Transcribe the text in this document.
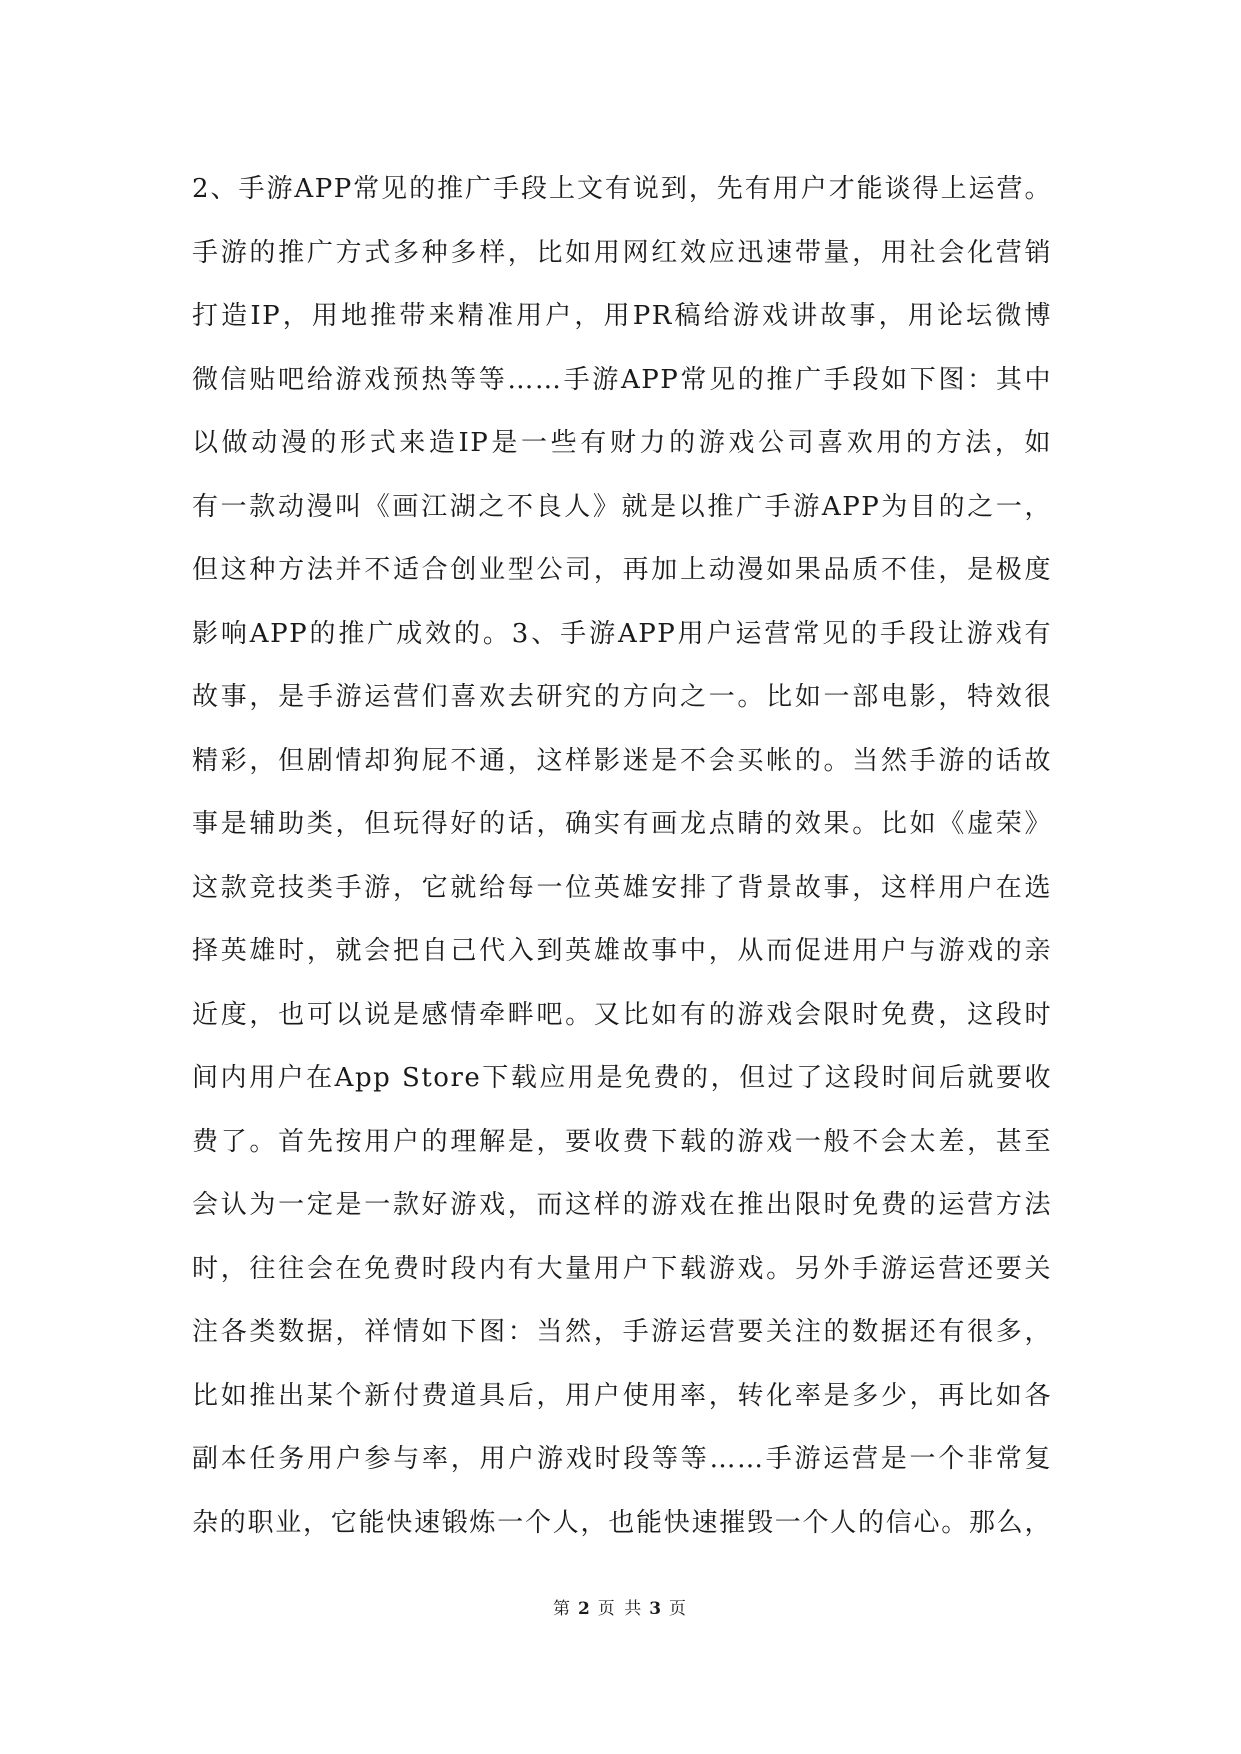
2、手游APP常见的推广手段上文有说到，先有用户才能谈得上运营。
手游的推广方式多种多样，比如用网红效应迅速带量，用社会化营销
打造IP，用地推带来精准用户，用PR稿给游戏讲故事，用论坛微博
微信贴吧给游戏预热等等……手游APP常见的推广手段如下图：其中
以做动漫的形式来造IP是一些有财力的游戏公司喜欢用的方法，如
有一款动漫叫《画江湖之不良人》就是以推广手游APP为目的之一，
但这种方法并不适合创业型公司，再加上动漫如果品质不佳，是极度
影响APP的推广成效的。3、手游APP用户运营常见的手段让游戏有
故事，是手游运营们喜欢去研究的方向之一。比如一部电影，特效很
精彩，但剧情却狗屁不通，这样影迷是不会买帐的。当然手游的话故
事是辅助类，但玩得好的话，确实有画龙点睛的效果。比如《虚荣》
这款竞技类手游，它就给每一位英雄安排了背景故事，这样用户在选
择英雄时，就会把自己代入到英雄故事中，从而促进用户与游戏的亲
近度，也可以说是感情牵畔吧。又比如有的游戏会限时免费，这段时
间内用户在App Store下载应用是免费的，但过了这段时间后就要收
费了。首先按用户的理解是，要收费下载的游戏一般不会太差，甚至
会认为一定是一款好游戏，而这样的游戏在推出限时免费的运营方法
时，往往会在免费时段内有大量用户下载游戏。另外手游运营还要关
注各类数据，祥情如下图：当然，手游运营要关注的数据还有很多，
比如推出某个新付费道具后，用户使用率，转化率是多少，再比如各
副本任务用户参与率，用户游戏时段等等……手游运营是一个非常复
杂的职业，它能快速锻炼一个人，也能快速摧毁一个人的信心。那么，
第 2 页 共 3 页
